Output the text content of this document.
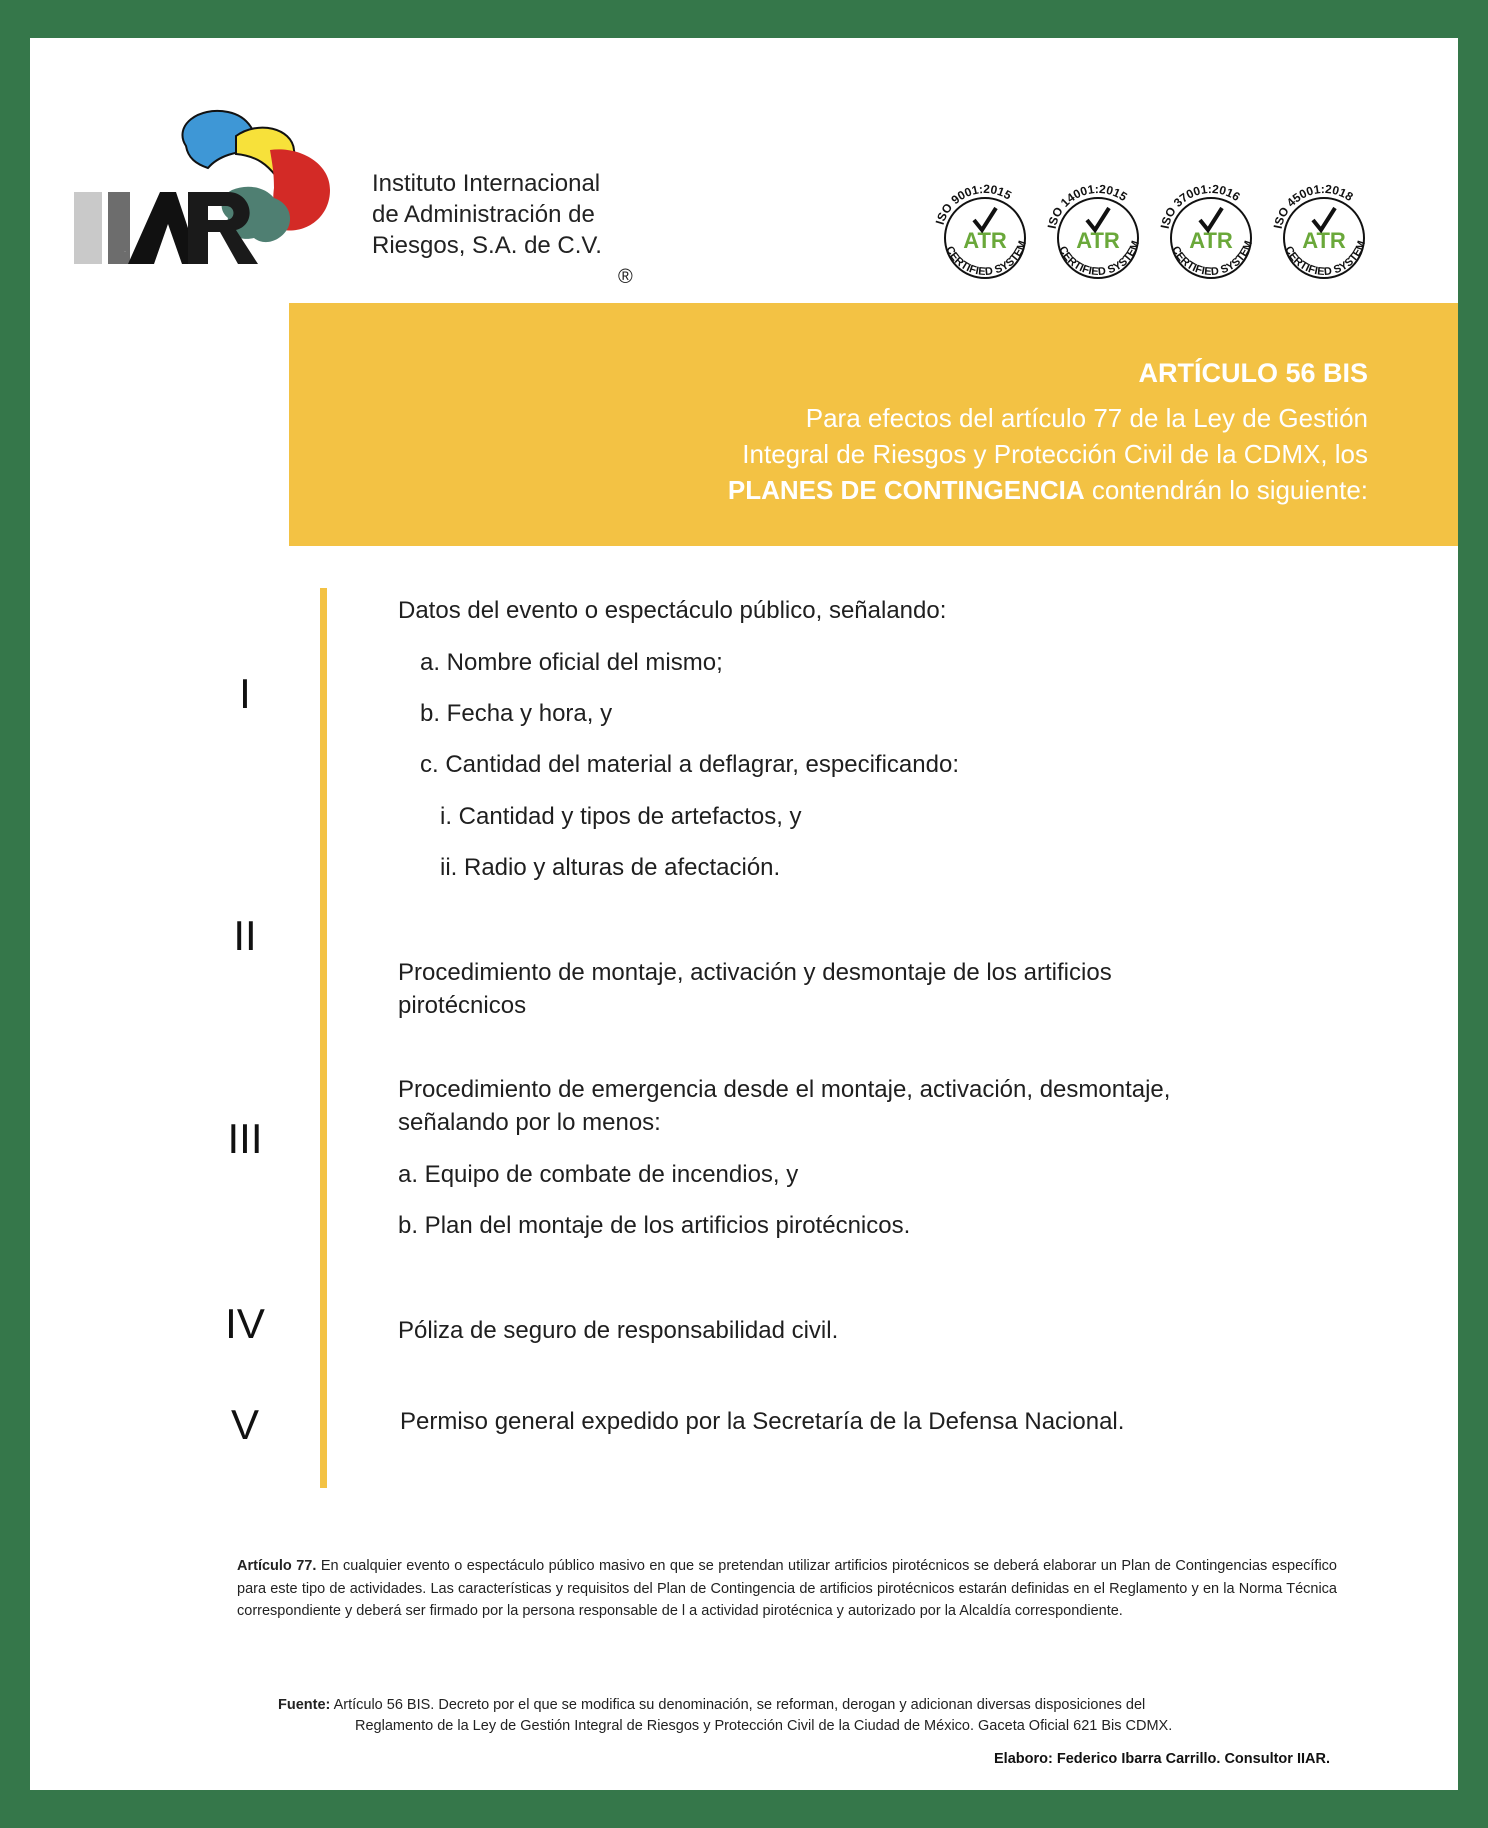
IAR
Instituto Internacional
de Administración de
Riesgos, S.A. de C.V.
®
ISO 9001:2015
CERTIFIED SYSTEM
ATR
ISO 14001:2015
CERTIFIED SYSTEM
ATR
ISO 37001:2016
CERTIFIED SYSTEM
ATR
ISO 45001:2018
CERTIFIED SYSTEM
ATR
ARTÍCULO 56 BIS
Para efectos del artículo 77 de la Ley de Gestión
Integral de Riesgos y Protección Civil de la CDMX, los
PLANES DE CONTINGENCIA contendrán lo siguiente:
I
Datos del evento o espectáculo público, señalando:
a. Nombre oficial del mismo;
b. Fecha y hora, y
c. Cantidad del material a deflagrar, especificando:
i. Cantidad y tipos de artefactos, y
ii. Radio y alturas de afectación.
II
Procedimiento de montaje, activación y desmontaje de los artificios
pirotécnicos
III
Procedimiento de emergencia desde el montaje, activación, desmontaje,
señalando por lo menos:
a. Equipo de combate de incendios, y
b. Plan del montaje de los artificios pirotécnicos.
IV	Póliza de seguro de responsabilidad civil.
V	Permiso general expedido por la Secretaría de la Defensa Nacional.
Artículo 77. En cualquier evento o espectáculo público masivo en que se pretendan utilizar artificios pirotécnicos se deberá elaborar un Plan de Contingencias específico para este tipo de actividades. Las características y requisitos del Plan de Contingencia de artificios pirotécnicos estarán definidas en el Reglamento y en la Norma Técnica correspondiente y deberá ser firmado por la persona responsable de l a actividad pirotécnica y autorizado por la Alcaldía correspondiente.
Fuente: Artículo 56 BIS. Decreto por el que se modifica su denominación, se reforman, derogan y adicionan diversas disposiciones del
Reglamento de la Ley de Gestión Integral de Riesgos y Protección Civil de la Ciudad de México. Gaceta Oficial 621 Bis CDMX.
Elaboro: Federico Ibarra Carrillo. Consultor IIAR.
